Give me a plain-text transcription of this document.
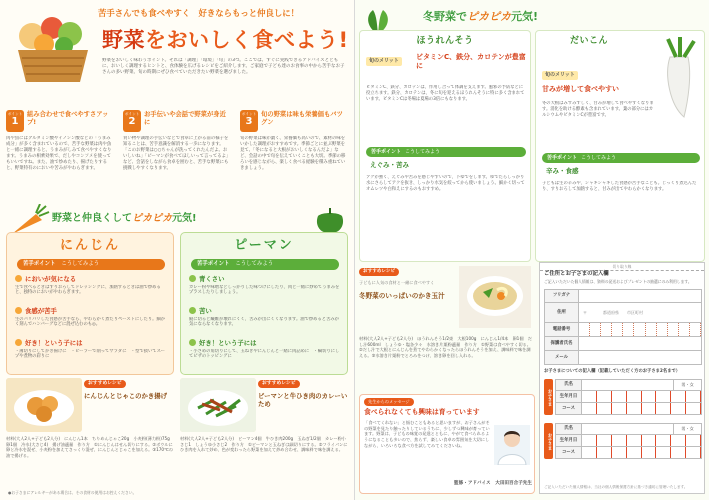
苦手さんでも食べやすく　好きならもっと仲良しに！
野菜をおいしく食べよう!
野菜をおいしく味わうポイント。それは「調理」「環境」「旬」の3つ。ここでは、すぐに実践できるアドバイスとともに、おいしく調理するヒントと、食体験を広げるレシピをご紹介します。ご家庭で子ども達のお食事の中から苦手なお子さんの多い野菜、旬の時期にぜひ食べていただきたい野菜を選びました。
ポイント
1
組み合わせで食べやすさアップ!
肉や魚にはグルタミン酸やイノシン酸などの「うまみ成分」が多く含まれているので、苦手な野菜は肉や魚と一緒に調理すると、うまみがしみて食べやすくなります。うまみの相乗効果で、だしやコンソメを使ってもいいですね。また、油で炒めたり、揚げたりすると、野菜特有のにおいや苦みがやわらぎます。
ポイント
2
お手伝いや会話で野菜が身近に
買い物や調理の手伝いなどで食卓に上がる前の様子を知ることは、苦手意識を解消する一歩になります。「このお野菜は○○ちゃんが洗ってくれたんだよ。おいしいね」「ピーマンが食べてほしいって言ってるよ」など、会話をしながら食卓を囲むと、苦手な野菜にも挑戦しやすくなります。
ポイント
3
旬の野菜は味も栄養価もバツグン
旬の野菜は味が濃く、栄養価も高いので、素材の味をいかした調理がおすすめです。季節ごとに並ぶ野菜を見て、「冬になると大根がおいしくなるんだよ」など、会話の中で旬を伝えていくことも大切。季節の移ろいを感じながら、楽しく食べる経験を積み重ねていきましょう。
野菜と仲良くしてピカピカ元気!
にんじん
苦手ポイント こうしてみよう
においが気になる
生で食べるときはすりおろしてドレッシングに、加熱するときは油で炒めると、独特のにおいがやわらぎます。
食感が苦手
生のパリパリした食感が苦手なら、やわらかく煮たりペーストにしたり。細かく刻んでハンバーグなどに混ぜ込むのも◎。
好き！という子には
・薄切りにしてかき揚げに　・ピーラーで削ってサラダに　・型で抜いてスープや煮物の彩りに
ピーマン
苦手ポイント こうしてみよう
青くさい
カレー粉や味噌などしっかりした味つけにしたり、肉と一緒に炒めてうまみをプラスしたりしましょう。
苦い
縦に切ると繊維が壊れにくく、苦みが出にくくなります。油で炒めると苦みが気にならなくなります。
好き！という子には
・小さめの角切りにして、玉ねぎやにんじんと一緒に肉詰めに　・輪切りにしてピザのトッピングに
おすすめレシピ
にんじんとじゃこのかき揚げ
材料(大人2人+子ども2人分)　にんじん1本　ちりめんじゃこ20g　小麦粉(薄力粉)75g　卵1個　冷水(大さじ4)　揚げ油適量　作り方　①にんじんはせん切りにする。②ボウルに卵と冷水を混ぜ、小麦粉を加えてさっくり混ぜ、にんじんとじゃこを加える。③170℃の油で揚げる。
おすすめレシピ
ピーマンと牛ひき肉のカレーいため
材料(大人2人+子ども2人分)　ピーマン4個　牛ひき肉200g　玉ねぎ1/2個　カレー粉小さじ1　しょうゆ小さじ2　作り方　①ピーマンと玉ねぎは細切りにする。②フライパンにひき肉を入れて炒め、色が変わったら野菜を加えて炒め合わせ、調味料で味を調える。
●お子さまにアレルギーがある場合は、その食材の使用はお控えください。
冬野菜でピカピカ元気!
ほうれんそう
旬のメリット	ビタミンC、鉄分、カロテンが豊富に
ビタミンC、鉄分、カロテンは、作用し合って体調を支えます。風邪の予防などに役立ちます。鉄分、カロテンは、冬に旬を迎えるほうれんそうに特に多く含まれています。ビタミンCは冬場は夏場の3倍にもなります。
苦手ポイント こうしてみよう
えぐみ・苦み
アクが強く、えぐみや苦みを感じやすいので、下ゆでをします。ゆでたらしっかり水にさらしてアクを抜き、しっかり水気を絞ってから使いましょう。細かく切ってオムレツや白和えにするのもおすすめ。
だいこん
旬のメリット
甘みが増して食べやすい
冬の大根はみずみずしく、甘みが増して食べやすくなります。消化を助ける酵素も含まれています。葉の部分にはカルシウムやビタミンCが豊富です。
苦手ポイント こうしてみよう
辛み・食感
子どもは生の辛みや、シャキシャキした食感が苦手なことも。じっくり煮込んだり、すりおろして加熱すると、甘みが出てやわらかくなります。
おすすめレシピ
子どもに人気の食材と一緒に食べやすく
冬野菜のいっぱいのかき玉汁
材料(大人2人+子ども2人分)　ほうれんそう1/2束　大根100g　にんじん1/4本　卵1個　だし汁600ml　しょうゆ・塩各少々　水溶き片栗粉適量　作り方　①野菜は食べやすく切る。②だし汁で大根とにんじんを煮てやわらかくなったらほうれんそうを加え、調味料で味を調える。③水溶き片栗粉でとろみをつけ、溶き卵を回し入れる。
先生からのメッセージ
食べられなくても興味は育っています
「食べてくれない」と悩むこともあると思いますが、お子さんがその野菜を見たり触ったりしているうちに、少しずつ興味が育っています。野菜は、子どもの味覚の発達とともに、やがて食べられるようになることも多いので、焦らず、楽しい食卓の雰囲気を大切にしながら、いろいろな食べ方を試してみてくださいね。
監修・アドバイス　大田田百合子先生
切り取り線
ご住所とお子さまの記入欄
ご記入いただいた個人情報は、資料の発送およびプレゼントの抽選にのみ利用します。
フリガナ
住所	〒　　　　都道府県　　市区町村
電話番号
保護者氏名
メール
お子さまについての記入欄（記載していただく方のお子さま2名まで）
お子さま
氏名	男・女
生年月日
コース
お子さま
氏名	男・女
生年月日
コース
ご記入いただいた個人情報は、当社の個人情報保護方針に基づき適切に管理いたします。
